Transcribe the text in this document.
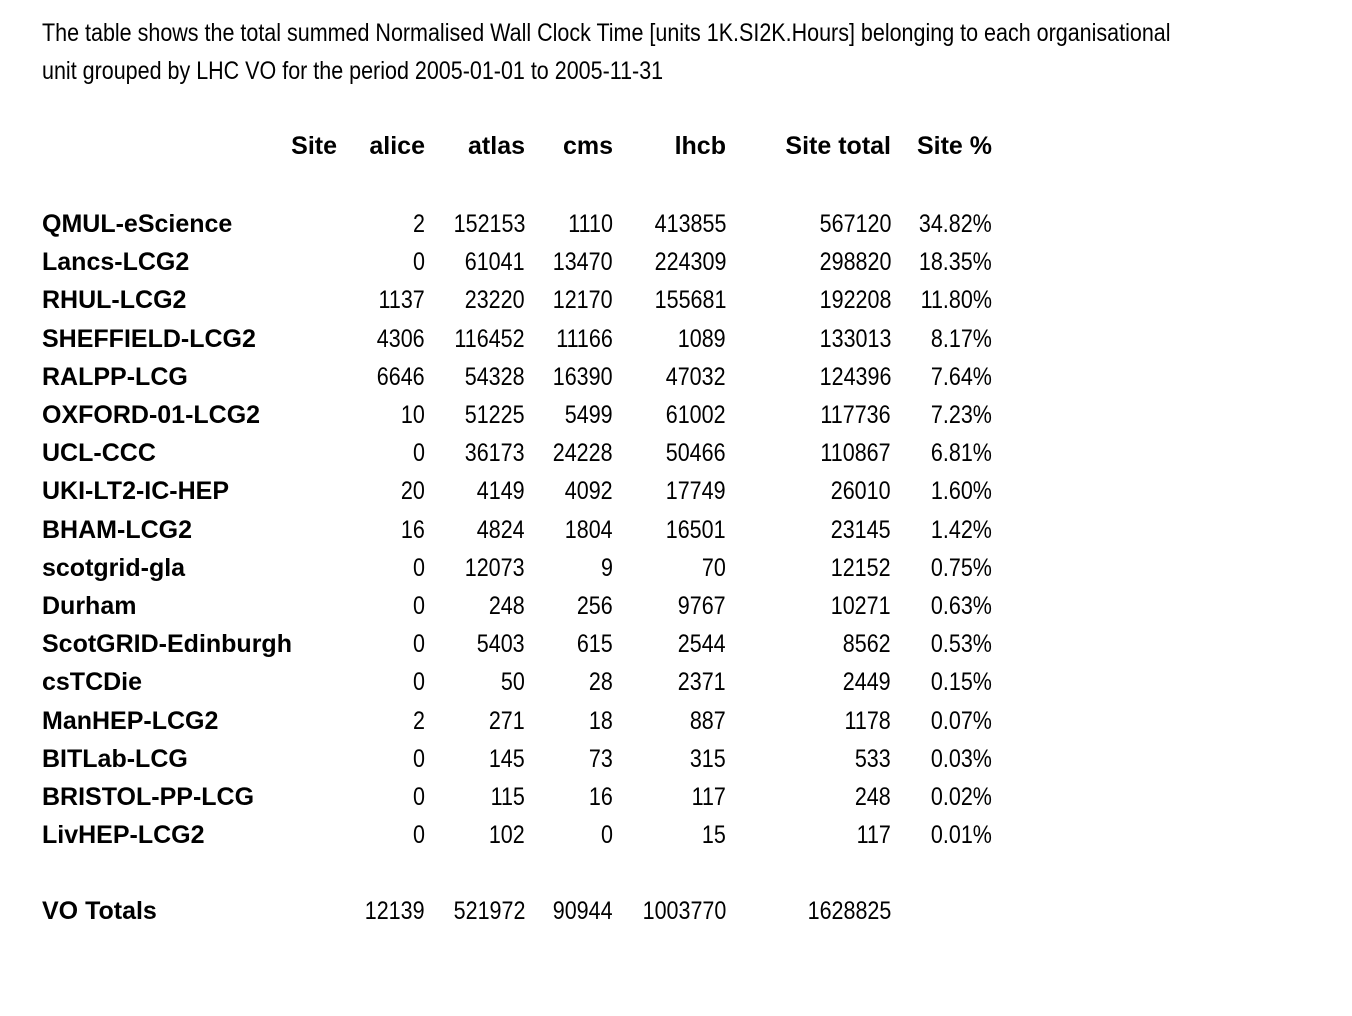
The table shows the total summed Normalised Wall Clock Time [units 1K.SI2K.Hours] belonging to each organisational
unit grouped by LHC VO for the period 2005-01-01 to 2005-11-31
Site alice atlas cms lhcb Site total Site %
QMUL-eScience	2 152153 1110 413855	567120 34.82%
Lancs-LCG2	0 61041 13470 224309	298820 18.35%
RHUL-LCG2	1137 23220 12170 155681	192208 11.80%
SHEFFIELD-LCG2	4306 116452 11166	1089	133013 8.17%
RALPP-LCG	6646 54328 16390 47032	124396 7.64%
OXFORD-01-LCG2	10 51225 5499 61002	117736 7.23%
UCL-CCC	0 36173 24228 50466	110867 6.81%
UKI-LT2-IC-HEP	20 4149 4092 17749	26010 1.60%
BHAM-LCG2	16 4824 1804 16501	23145 1.42%
scotgrid-gla	0 12073	9	70	12152 0.75%
Durham	0	248 256	9767	10271 0.63%
ScotGRID-Edinburgh	0 5403 615	2544	8562 0.53%
csTCDie	0	50	28	2371	2449 0.15%
ManHEP-LCG2	2	271	18	887	1178 0.07%
BITLab-LCG	0	145	73	315	533 0.03%
BRISTOL-PP-LCG	0	115	16	117	248 0.02%
LivHEP-LCG2	0	102	0	15	117 0.01%
VO Totals	12139 521972 90944 1003770	1628825
